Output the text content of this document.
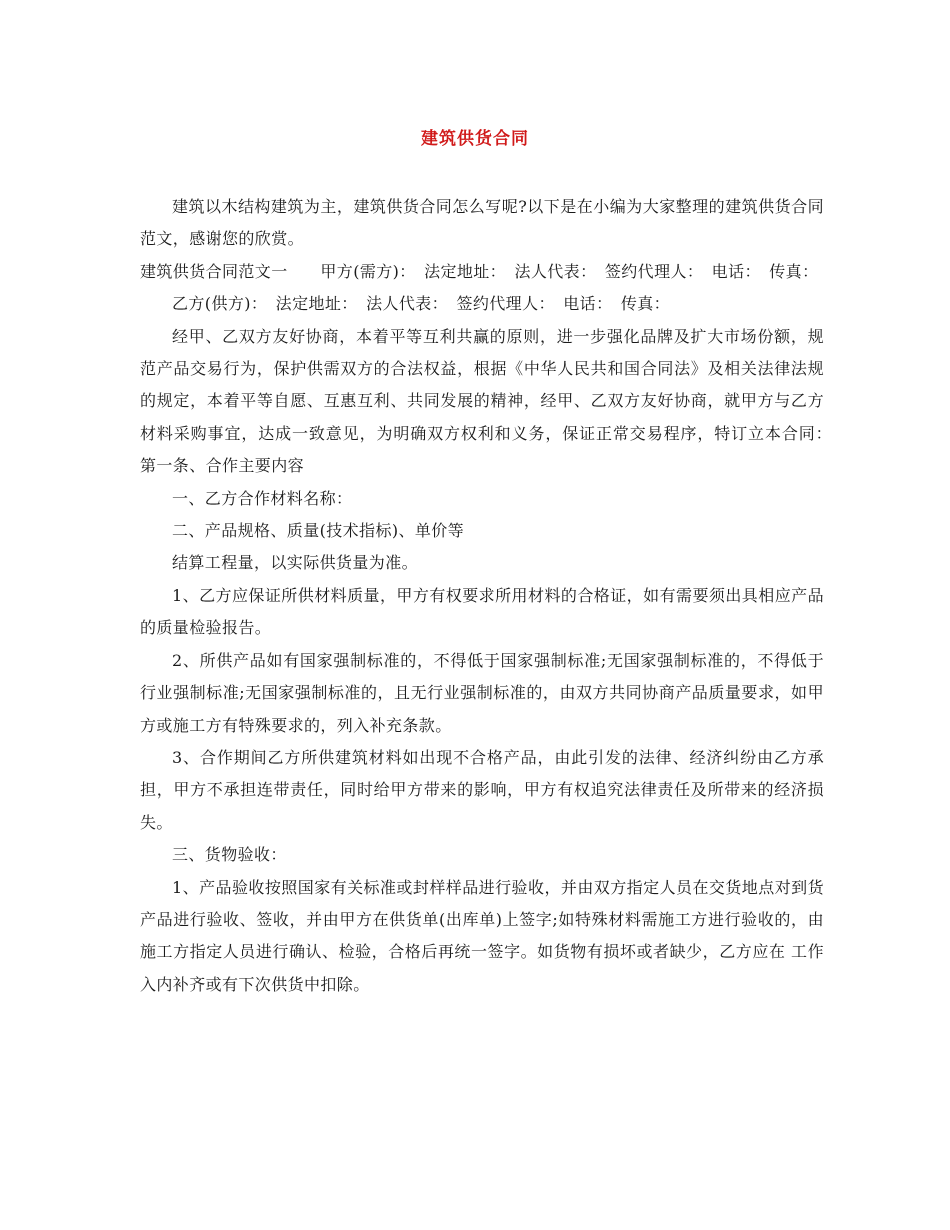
建筑供货合同

建筑以木结构建筑为主，建筑供货合同怎么写呢?以下是在小编为大家整理的建筑供货合同范文，感谢您的欣赏。

建筑供货合同范文一　　甲方(需方)：　法定地址：　法人代表：　签约代理人：　电话：　传真：

乙方(供方)：　法定地址：　法人代表：　签约代理人：　电话：　传真：

经甲、乙双方友好协商，本着平等互利共赢的原则，进一步强化品牌及扩大市场份额，规范产品交易行为，保护供需双方的合法权益，根据《中华人民共和国合同法》及相关法律法规的规定，本着平等自愿、互惠互利、共同发展的精神，经甲、乙双方友好协商，就甲方与乙方材料采购事宜，达成一致意见，为明确双方权利和义务，保证正常交易程序，特订立本合同：　第一条、合作主要内容

一、乙方合作材料名称：

二、产品规格、质量(技术指标)、单价等

结算工程量，以实际供货量为准。

1、乙方应保证所供材料质量，甲方有权要求所用材料的合格证，如有需要须出具相应产品的质量检验报告。

2、所供产品如有国家强制标准的，不得低于国家强制标准;无国家强制标准的，不得低于行业强制标准;无国家强制标准的，且无行业强制标准的，由双方共同协商产品质量要求，如甲方或施工方有特殊要求的，列入补充条款。

3、合作期间乙方所供建筑材料如出现不合格产品，由此引发的法律、经济纠纷由乙方承担，甲方不承担连带责任，同时给甲方带来的影响，甲方有权追究法律责任及所带来的经济损失。

三、货物验收：

1、产品验收按照国家有关标准或封样样品进行验收，并由双方指定人员在交货地点对到货产品进行验收、签收，并由甲方在供货单(出库单)上签字;如特殊材料需施工方进行验收的，由施工方指定人员进行确认、检验，合格后再统一签字。如货物有损坏或者缺少，乙方应在 工作入内补齐或有下次供货中扣除。
